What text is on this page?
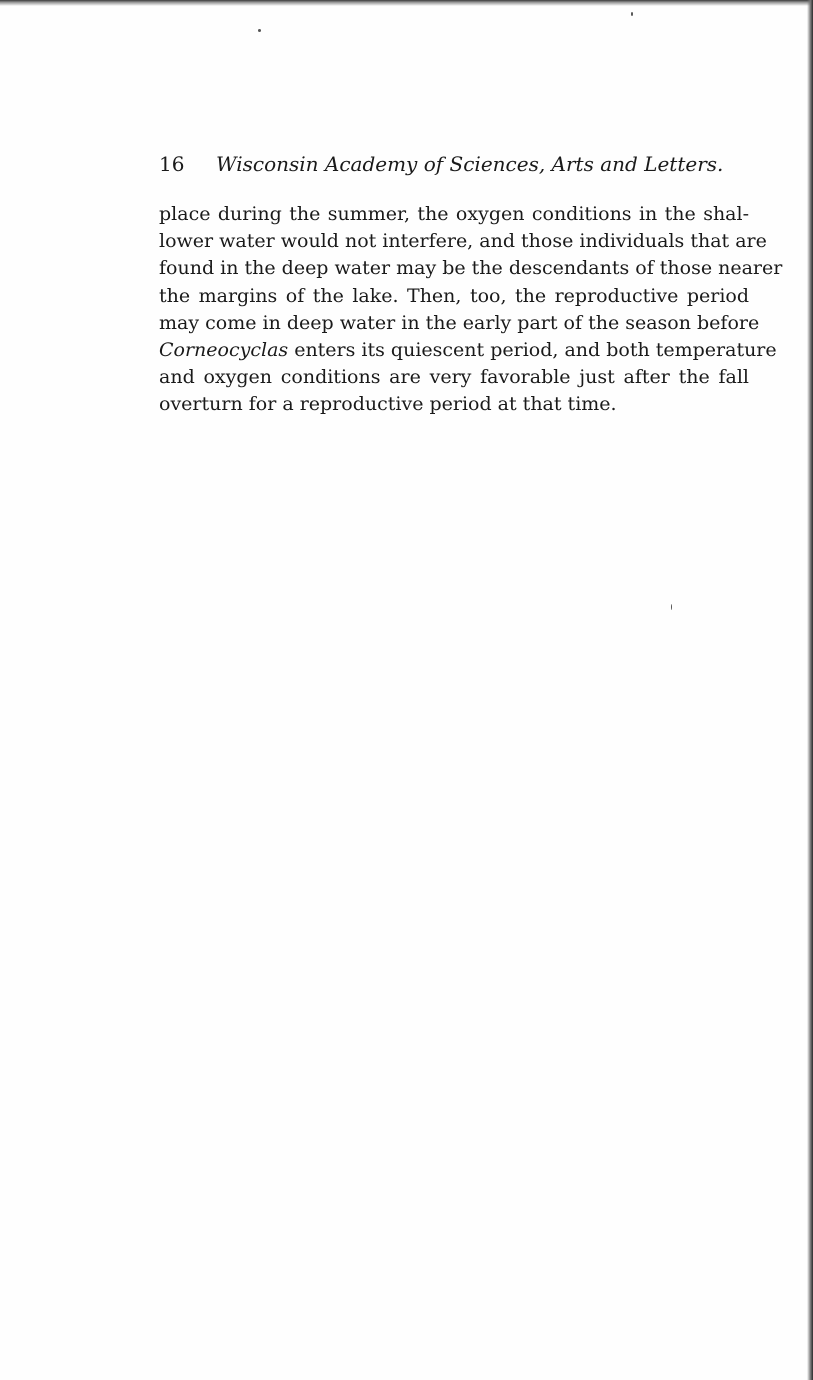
16 Wisconsin Academy of Sciences, Arts and Letters.
place during the summer, the oxygen conditions in the shal-
lower water would not interfere, and those individuals that are
found in the deep water may be the descendants of those nearer
the margins of the lake. Then, too, the reproductive period
may come in deep water in the early part of the season before
Corneocyclas enters its quiescent period, and both temperature
and oxygen conditions are very favorable just after the fall
overturn for a reproductive period at that time.
